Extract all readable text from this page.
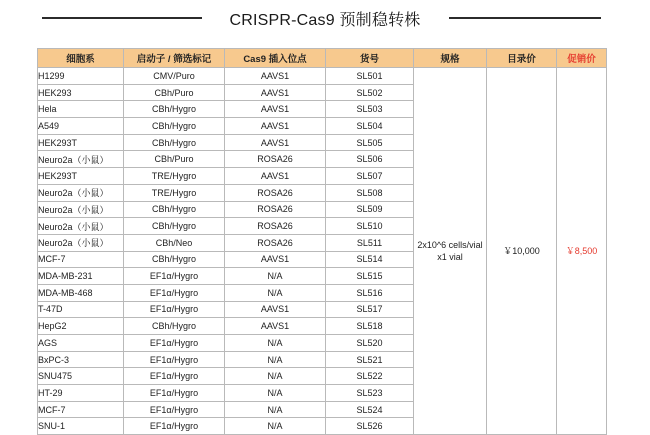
CRISPR-Cas9 预制稳转株
细胞系	启动子 / 筛选标记	Cas9 插入位点	货号	规格	目录价	促销价
H1299	CMV/Puro	AAVS1	SL501	2x10^6 cells/vial
x1 vial	￥10,000	￥8,500
HEK293	CBh/Puro	AAVS1	SL502			
Hela	CBh/Hygro	AAVS1	SL503			
A549	CBh/Hygro	AAVS1	SL504			
HEK293T	CBh/Hygro	AAVS1	SL505			
Neuro2a（小鼠）	CBh/Puro	ROSA26	SL506			
HEK293T	TRE/Hygro	AAVS1	SL507			
Neuro2a（小鼠）	TRE/Hygro	ROSA26	SL508			
Neuro2a（小鼠）	CBh/Hygro	ROSA26	SL509			
Neuro2a（小鼠）	CBh/Hygro	ROSA26	SL510			
Neuro2a（小鼠）	CBh/Neo	ROSA26	SL511			
MCF-7	CBh/Hygro	AAVS1	SL514			
MDA-MB-231	EF1α/Hygro	N/A	SL515			
MDA-MB-468	EF1α/Hygro	N/A	SL516			
T-47D	EF1α/Hygro	AAVS1	SL517			
HepG2	CBh/Hygro	AAVS1	SL518			
AGS	EF1α/Hygro	N/A	SL520			
BxPC-3	EF1α/Hygro	N/A	SL521			
SNU475	EF1α/Hygro	N/A	SL522			
HT-29	EF1α/Hygro	N/A	SL523			
MCF-7	EF1α/Hygro	N/A	SL524			
SNU-1	EF1α/Hygro	N/A	SL526			
